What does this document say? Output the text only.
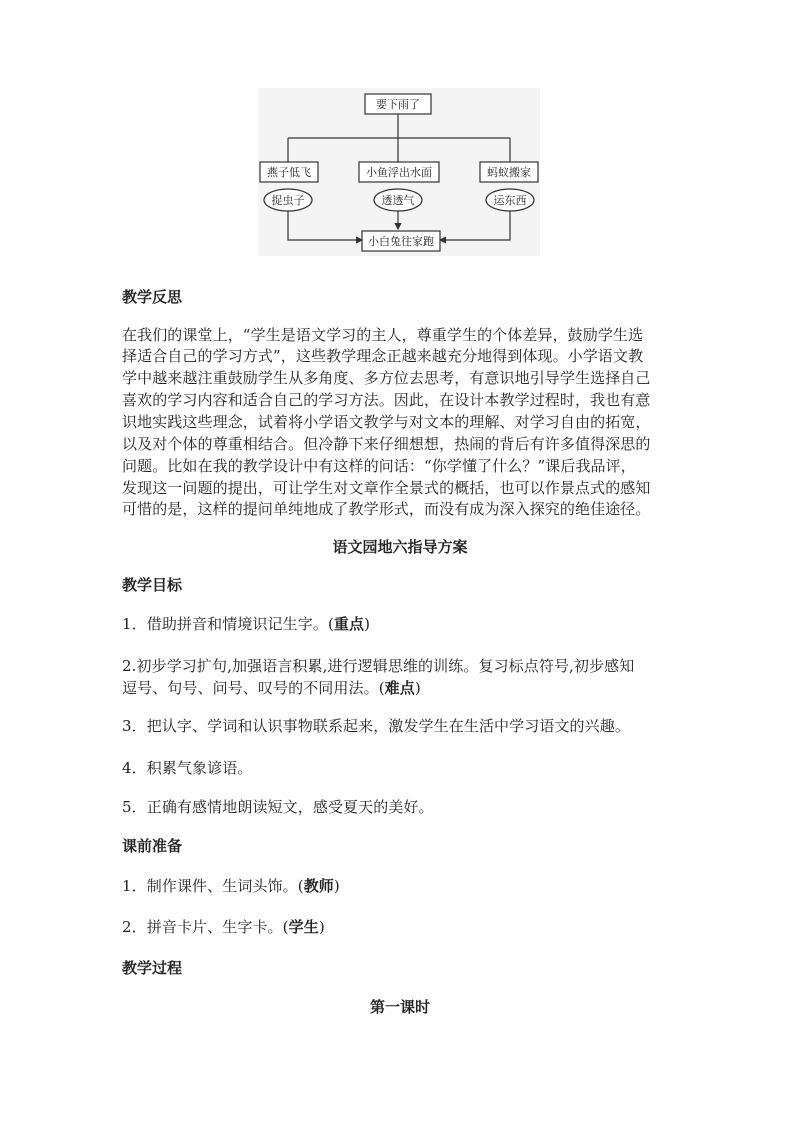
要下雨了
燕子低飞	小鱼浮出水面	蚂蚁搬家
捉虫子	透透气	运东西
小白兔往家跑
教学反思
在我们的课堂上，“学生是语文学习的主人，尊重学生的个体差异，鼓励学生选
择适合自己的学习方式”，这些教学理念正越来越充分地得到体现。小学语文教
学中越来越注重鼓励学生从多角度、多方位去思考，有意识地引导学生选择自己
喜欢的学习内容和适合自己的学习方法。因此，在设计本教学过程时，我也有意
识地实践这些理念，试着将小学语文教学与对文本的理解、对学习自由的拓宽，
以及对个体的尊重相结合。但冷静下来仔细想想，热闹的背后有许多值得深思的
问题。比如在我的教学设计中有这样的问话：“你学懂了什么？”课后我品评，
发现这一问题的提出，可让学生对文章作全景式的概括，也可以作景点式的感知
可惜的是，这样的提问单纯地成了教学形式，而没有成为深入探究的绝佳途径。
语文园地六指导方案
教学目标
1．借助拼音和情境识记生字。(重点)
2.初步学习扩句,加强语言积累,进行逻辑思维的训练。复习标点符号,初步感知
逗号、句号、问号、叹号的不同用法。(难点)
3．把认字、学词和认识事物联系起来，激发学生在生活中学习语文的兴趣。
4．积累气象谚语。
5．正确有感情地朗读短文，感受夏天的美好。
课前准备
1．制作课件、生词头饰。(教师)
2．拼音卡片、生字卡。(学生)
教学过程
第一课时
